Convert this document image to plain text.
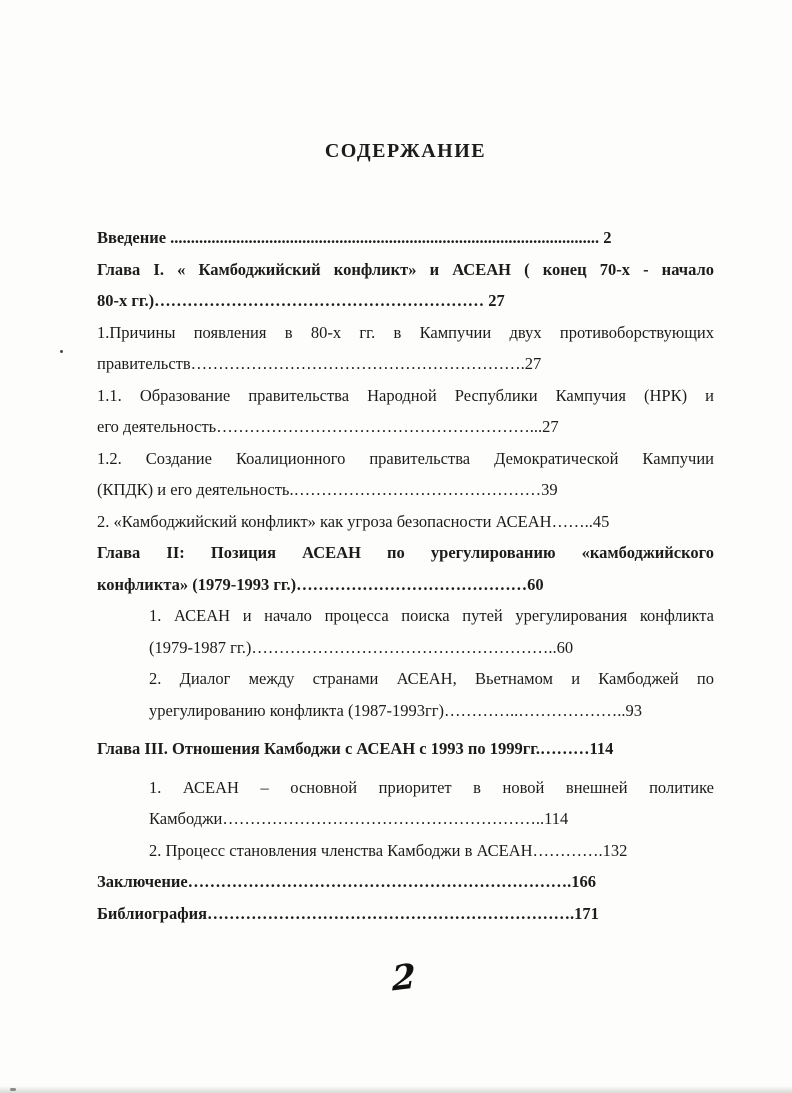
СОДЕРЖАНИЕ

Введение ........................................................................................................ 2

Глава I. « Камбоджийский конфликт» и АСЕАН ( конец 70-х - начало
80-х гг.)…………………………………………………… 27

1.Причины появления в 80-х гг. в Кампучии двух противоборствующих
правительств…………………………………………………….27

1.1. Образование правительства Народной Республики Кампучия (НРК) и
его деятельность…………………………………………………...27

1.2. Создание Коалиционного правительства Демократической Кампучии
(КПДК) и его деятельность.………………………………………39

2. «Камбоджийский конфликт» как угроза безопасности АСЕАН……..45

Глава II: Позиция АСЕАН по урегулированию «камбоджийского
конфликта» (1979-1993 гг.)……………………………………60

1. АСЕАН и начало процесса поиска путей урегулирования конфликта
(1979-1987 гг.)………………………………………………..60

2. Диалог между странами АСЕАН, Вьетнамом и Камбоджей по
урегулированию конфликта (1987-1993гг)…………..………………..93

Глава III. Отношения Камбоджи с АСЕАН с 1993 по 1999гг.………114

1. АСЕАН – основной приоритет в новой внешней политике
Камбоджи…………………………………………………..114

2. Процесс становления членства Камбоджи в АСЕАН………….132

Заключение…………………………………………………………….166

Библиография………………………………………………………….171

2
